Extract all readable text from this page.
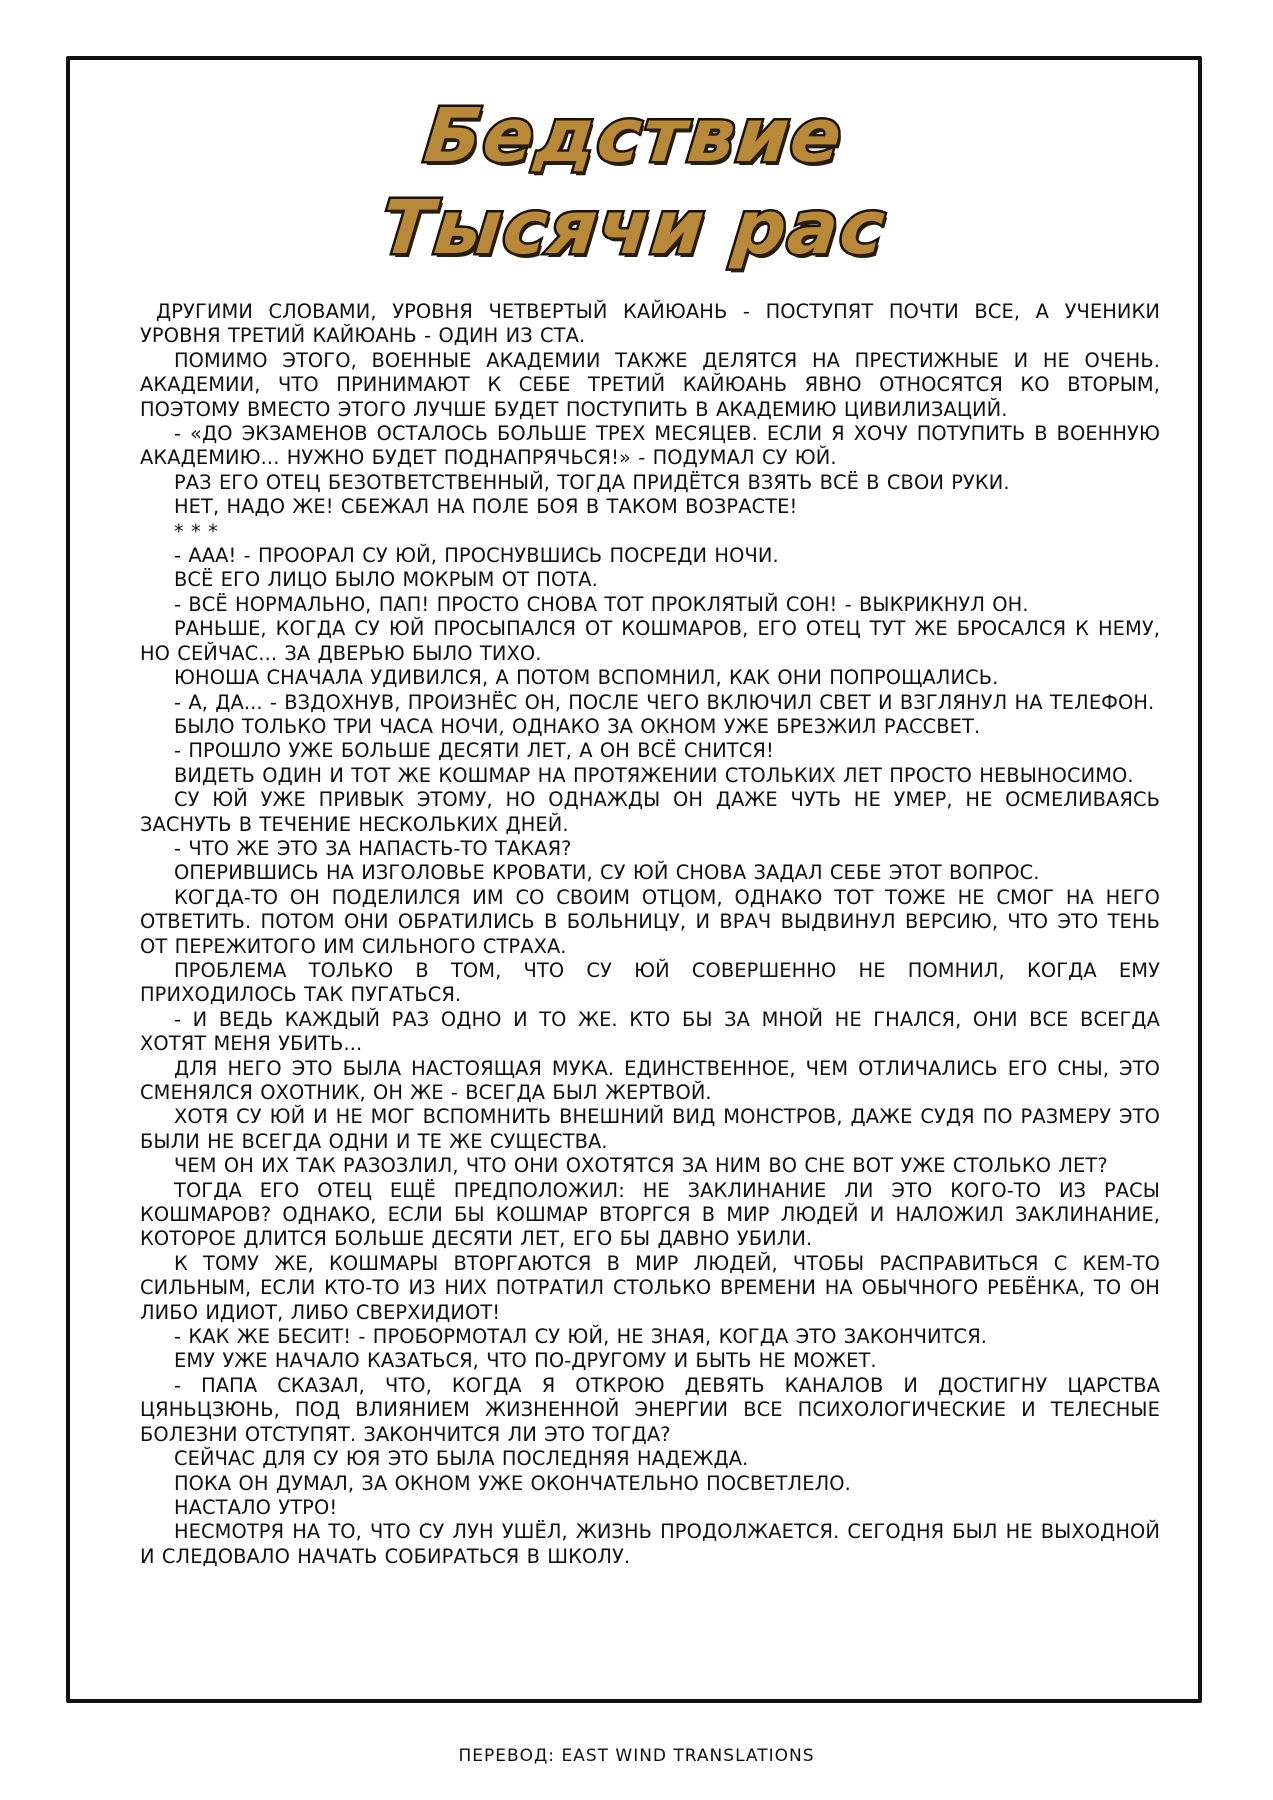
Бедствие
Тысячи рас

ДРУГИМИ СЛОВАМИ, УРОВНЯ ЧЕТВЕРТЫЙ КАЙЮАНЬ - ПОСТУПЯТ ПОЧТИ ВСЕ, А УЧЕНИКИ УРОВНЯ ТРЕТИЙ КАЙЮАНЬ - ОДИН ИЗ СТА.

ПОМИМО ЭТОГО, ВОЕННЫЕ АКАДЕМИИ ТАКЖЕ ДЕЛЯТСЯ НА ПРЕСТИЖНЫЕ И НЕ ОЧЕНЬ. АКАДЕМИИ, ЧТО ПРИНИМАЮТ К СЕБЕ ТРЕТИЙ КАЙЮАНЬ ЯВНО ОТНОСЯТСЯ КО ВТОРЫМ, ПОЭТОМУ ВМЕСТО ЭТОГО ЛУЧШЕ БУДЕТ ПОСТУПИТЬ В АКАДЕМИЮ ЦИВИЛИЗАЦИЙ.

- «ДО ЭКЗАМЕНОВ ОСТАЛОСЬ БОЛЬШЕ ТРЕХ МЕСЯЦЕВ. ЕСЛИ Я ХОЧУ ПОТУПИТЬ В ВОЕННУЮ АКАДЕМИЮ... НУЖНО БУДЕТ ПОДНАПРЯЧЬСЯ!» - ПОДУМАЛ СУ ЮЙ.

РАЗ ЕГО ОТЕЦ БЕЗОТВЕТСТВЕННЫЙ, ТОГДА ПРИДЁТСЯ ВЗЯТЬ ВСЁ В СВОИ РУКИ.

НЕТ, НАДО ЖЕ! СБЕЖАЛ НА ПОЛЕ БОЯ В ТАКОМ ВОЗРАСТЕ!

* * *

- ААА! - ПРООРАЛ СУ ЮЙ, ПРОСНУВШИСЬ ПОСРЕДИ НОЧИ.

ВСЁ ЕГО ЛИЦО БЫЛО МОКРЫМ ОТ ПОТА.

- ВСЁ НОРМАЛЬНО, ПАП! ПРОСТО СНОВА ТОТ ПРОКЛЯТЫЙ СОН! - ВЫКРИКНУЛ ОН.

РАНЬШЕ, КОГДА СУ ЮЙ ПРОСЫПАЛСЯ ОТ КОШМАРОВ, ЕГО ОТЕЦ ТУТ ЖЕ БРОСАЛСЯ К НЕМУ, НО СЕЙЧАС... ЗА ДВЕРЬЮ БЫЛО ТИХО.

ЮНОША СНАЧАЛА УДИВИЛСЯ, А ПОТОМ ВСПОМНИЛ, КАК ОНИ ПОПРОЩАЛИСЬ.

- А, ДА... - ВЗДОХНУВ, ПРОИЗНЁС ОН, ПОСЛЕ ЧЕГО ВКЛЮЧИЛ СВЕТ И ВЗГЛЯНУЛ НА ТЕЛЕФОН.

БЫЛО ТОЛЬКО ТРИ ЧАСА НОЧИ, ОДНАКО ЗА ОКНОМ УЖЕ БРЕЗЖИЛ РАССВЕТ.

- ПРОШЛО УЖЕ БОЛЬШЕ ДЕСЯТИ ЛЕТ, А ОН ВСЁ СНИТСЯ!

ВИДЕТЬ ОДИН И ТОТ ЖЕ КОШМАР НА ПРОТЯЖЕНИИ СТОЛЬКИХ ЛЕТ ПРОСТО НЕВЫНОСИМО.

СУ ЮЙ УЖЕ ПРИВЫК ЭТОМУ, НО ОДНАЖДЫ ОН ДАЖЕ ЧУТЬ НЕ УМЕР, НЕ ОСМЕЛИВАЯСЬ ЗАСНУТЬ В ТЕЧЕНИЕ НЕСКОЛЬКИХ ДНЕЙ.

- ЧТО ЖЕ ЭТО ЗА НАПАСТЬ-ТО ТАКАЯ?

ОПЕРИВШИСЬ НА ИЗГОЛОВЬЕ КРОВАТИ, СУ ЮЙ СНОВА ЗАДАЛ СЕБЕ ЭТОТ ВОПРОС.

КОГДА-ТО ОН ПОДЕЛИЛСЯ ИМ СО СВОИМ ОТЦОМ, ОДНАКО ТОТ ТОЖЕ НЕ СМОГ НА НЕГО ОТВЕТИТЬ. ПОТОМ ОНИ ОБРАТИЛИСЬ В БОЛЬНИЦУ, И ВРАЧ ВЫДВИНУЛ ВЕРСИЮ, ЧТО ЭТО ТЕНЬ ОТ ПЕРЕЖИТОГО ИМ СИЛЬНОГО СТРАХА.

ПРОБЛЕМА ТОЛЬКО В ТОМ, ЧТО СУ ЮЙ СОВЕРШЕННО НЕ ПОМНИЛ, КОГДА ЕМУ ПРИХОДИЛОСЬ ТАК ПУГАТЬСЯ.

- И ВЕДЬ КАЖДЫЙ РАЗ ОДНО И ТО ЖЕ. КТО БЫ ЗА МНОЙ НЕ ГНАЛСЯ, ОНИ ВСЕ ВСЕГДА ХОТЯТ МЕНЯ УБИТЬ...

ДЛЯ НЕГО ЭТО БЫЛА НАСТОЯЩАЯ МУКА. ЕДИНСТВЕННОЕ, ЧЕМ ОТЛИЧАЛИСЬ ЕГО СНЫ, ЭТО СМЕНЯЛСЯ ОХОТНИК, ОН ЖЕ - ВСЕГДА БЫЛ ЖЕРТВОЙ.

ХОТЯ СУ ЮЙ И НЕ МОГ ВСПОМНИТЬ ВНЕШНИЙ ВИД МОНСТРОВ, ДАЖЕ СУДЯ ПО РАЗМЕРУ ЭТО БЫЛИ НЕ ВСЕГДА ОДНИ И ТЕ ЖЕ СУЩЕСТВА.

ЧЕМ ОН ИХ ТАК РАЗОЗЛИЛ, ЧТО ОНИ ОХОТЯТСЯ ЗА НИМ ВО СНЕ ВОТ УЖЕ СТОЛЬКО ЛЕТ?

ТОГДА ЕГО ОТЕЦ ЕЩЁ ПРЕДПОЛОЖИЛ: НЕ ЗАКЛИНАНИЕ ЛИ ЭТО КОГО-ТО ИЗ РАСЫ КОШМАРОВ? ОДНАКО, ЕСЛИ БЫ КОШМАР ВТОРГСЯ В МИР ЛЮДЕЙ И НАЛОЖИЛ ЗАКЛИНАНИЕ, КОТОРОЕ ДЛИТСЯ БОЛЬШЕ ДЕСЯТИ ЛЕТ, ЕГО БЫ ДАВНО УБИЛИ.

К ТОМУ ЖЕ, КОШМАРЫ ВТОРГАЮТСЯ В МИР ЛЮДЕЙ, ЧТОБЫ РАСПРАВИТЬСЯ С КЕМ-ТО СИЛЬНЫМ, ЕСЛИ КТО-ТО ИЗ НИХ ПОТРАТИЛ СТОЛЬКО ВРЕМЕНИ НА ОБЫЧНОГО РЕБЁНКА, ТО ОН ЛИБО ИДИОТ, ЛИБО СВЕРХИДИОТ!

- КАК ЖЕ БЕСИТ! - ПРОБОРМОТАЛ СУ ЮЙ, НЕ ЗНАЯ, КОГДА ЭТО ЗАКОНЧИТСЯ.

ЕМУ УЖЕ НАЧАЛО КАЗАТЬСЯ, ЧТО ПО-ДРУГОМУ И БЫТЬ НЕ МОЖЕТ.

- ПАПА СКАЗАЛ, ЧТО, КОГДА Я ОТКРОЮ ДЕВЯТЬ КАНАЛОВ И ДОСТИГНУ ЦАРСТВА ЦЯНЬЦЗЮНЬ, ПОД ВЛИЯНИЕМ ЖИЗНЕННОЙ ЭНЕРГИИ ВСЕ ПСИХОЛОГИЧЕСКИЕ И ТЕЛЕСНЫЕ БОЛЕЗНИ ОТСТУПЯТ. ЗАКОНЧИТСЯ ЛИ ЭТО ТОГДА?

СЕЙЧАС ДЛЯ СУ ЮЯ ЭТО БЫЛА ПОСЛЕДНЯЯ НАДЕЖДА.

ПОКА ОН ДУМАЛ, ЗА ОКНОМ УЖЕ ОКОНЧАТЕЛЬНО ПОСВЕТЛЕЛО.

НАСТАЛО УТРО!

НЕСМОТРЯ НА ТО, ЧТО СУ ЛУН УШЁЛ, ЖИЗНЬ ПРОДОЛЖАЕТСЯ. СЕГОДНЯ БЫЛ НЕ ВЫХОДНОЙ И СЛЕДОВАЛО НАЧАТЬ СОБИРАТЬСЯ В ШКОЛУ.

ПЕРЕВОД: EAST WIND TRANSLATIONS
